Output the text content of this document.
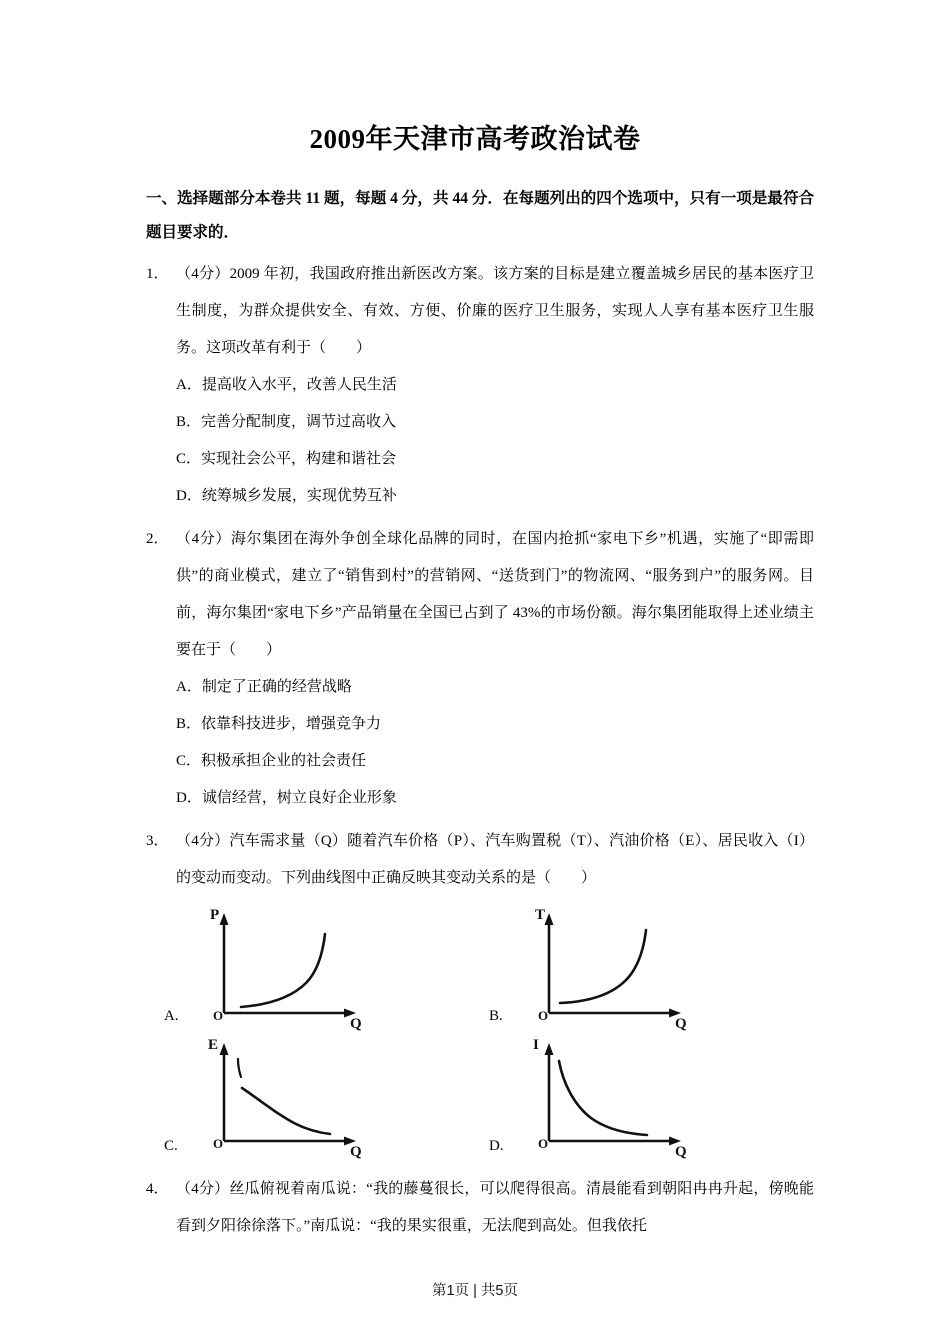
2009年天津市高考政治试卷
一、选择题部分本卷共 11 题，每题 4 分，共 44 分．在每题列出的四个选项中，只有一项是最符合题目要求的．
1． （4分）2009 年初，我国政府推出新医改方案。该方案的目标是建立覆盖城乡居民的基本医疗卫生制度，为群众提供安全、有效、方便、价廉的医疗卫生服务，实现人人享有基本医疗卫生服务。这项改革有利于（　　）
A．提高收入水平，改善人民生活
B．完善分配制度，调节过高收入
C．实现社会公平，构建和谐社会
D．统筹城乡发展，实现优势互补
2． （4分）海尔集团在海外争创全球化品牌的同时，在国内抢抓“家电下乡”机遇，实施了“即需即供”的商业模式，建立了“销售到村”的营销网、“送货到门”的物流网、“服务到户”的服务网。目前，海尔集团“家电下乡”产品销量在全国已占到了 43%的市场份额。海尔集团能取得上述业绩主要在于（　　）
A．制定了正确的经营战略
B．依靠科技进步，增强竞争力
C．积极承担企业的社会责任
D．诚信经营，树立良好企业形象
3． （4分）汽车需求量（Q）随着汽车价格（P）、汽车购置税（T）、汽油价格（E）、居民收入（I）的变动而变动。下列曲线图中正确反映其变动关系的是（　　）
A.
P
Q
O	B.
T
Q
O
C.
E
Q
O	D.
I
Q
O
4． （4分）丝瓜俯视着南瓜说：“我的藤蔓很长，可以爬得很高。清晨能看到朝阳冉冉升起，傍晚能看到夕阳徐徐落下。”南瓜说：“我的果实很重，无法爬到高处。但我依托
第1页 | 共5页
